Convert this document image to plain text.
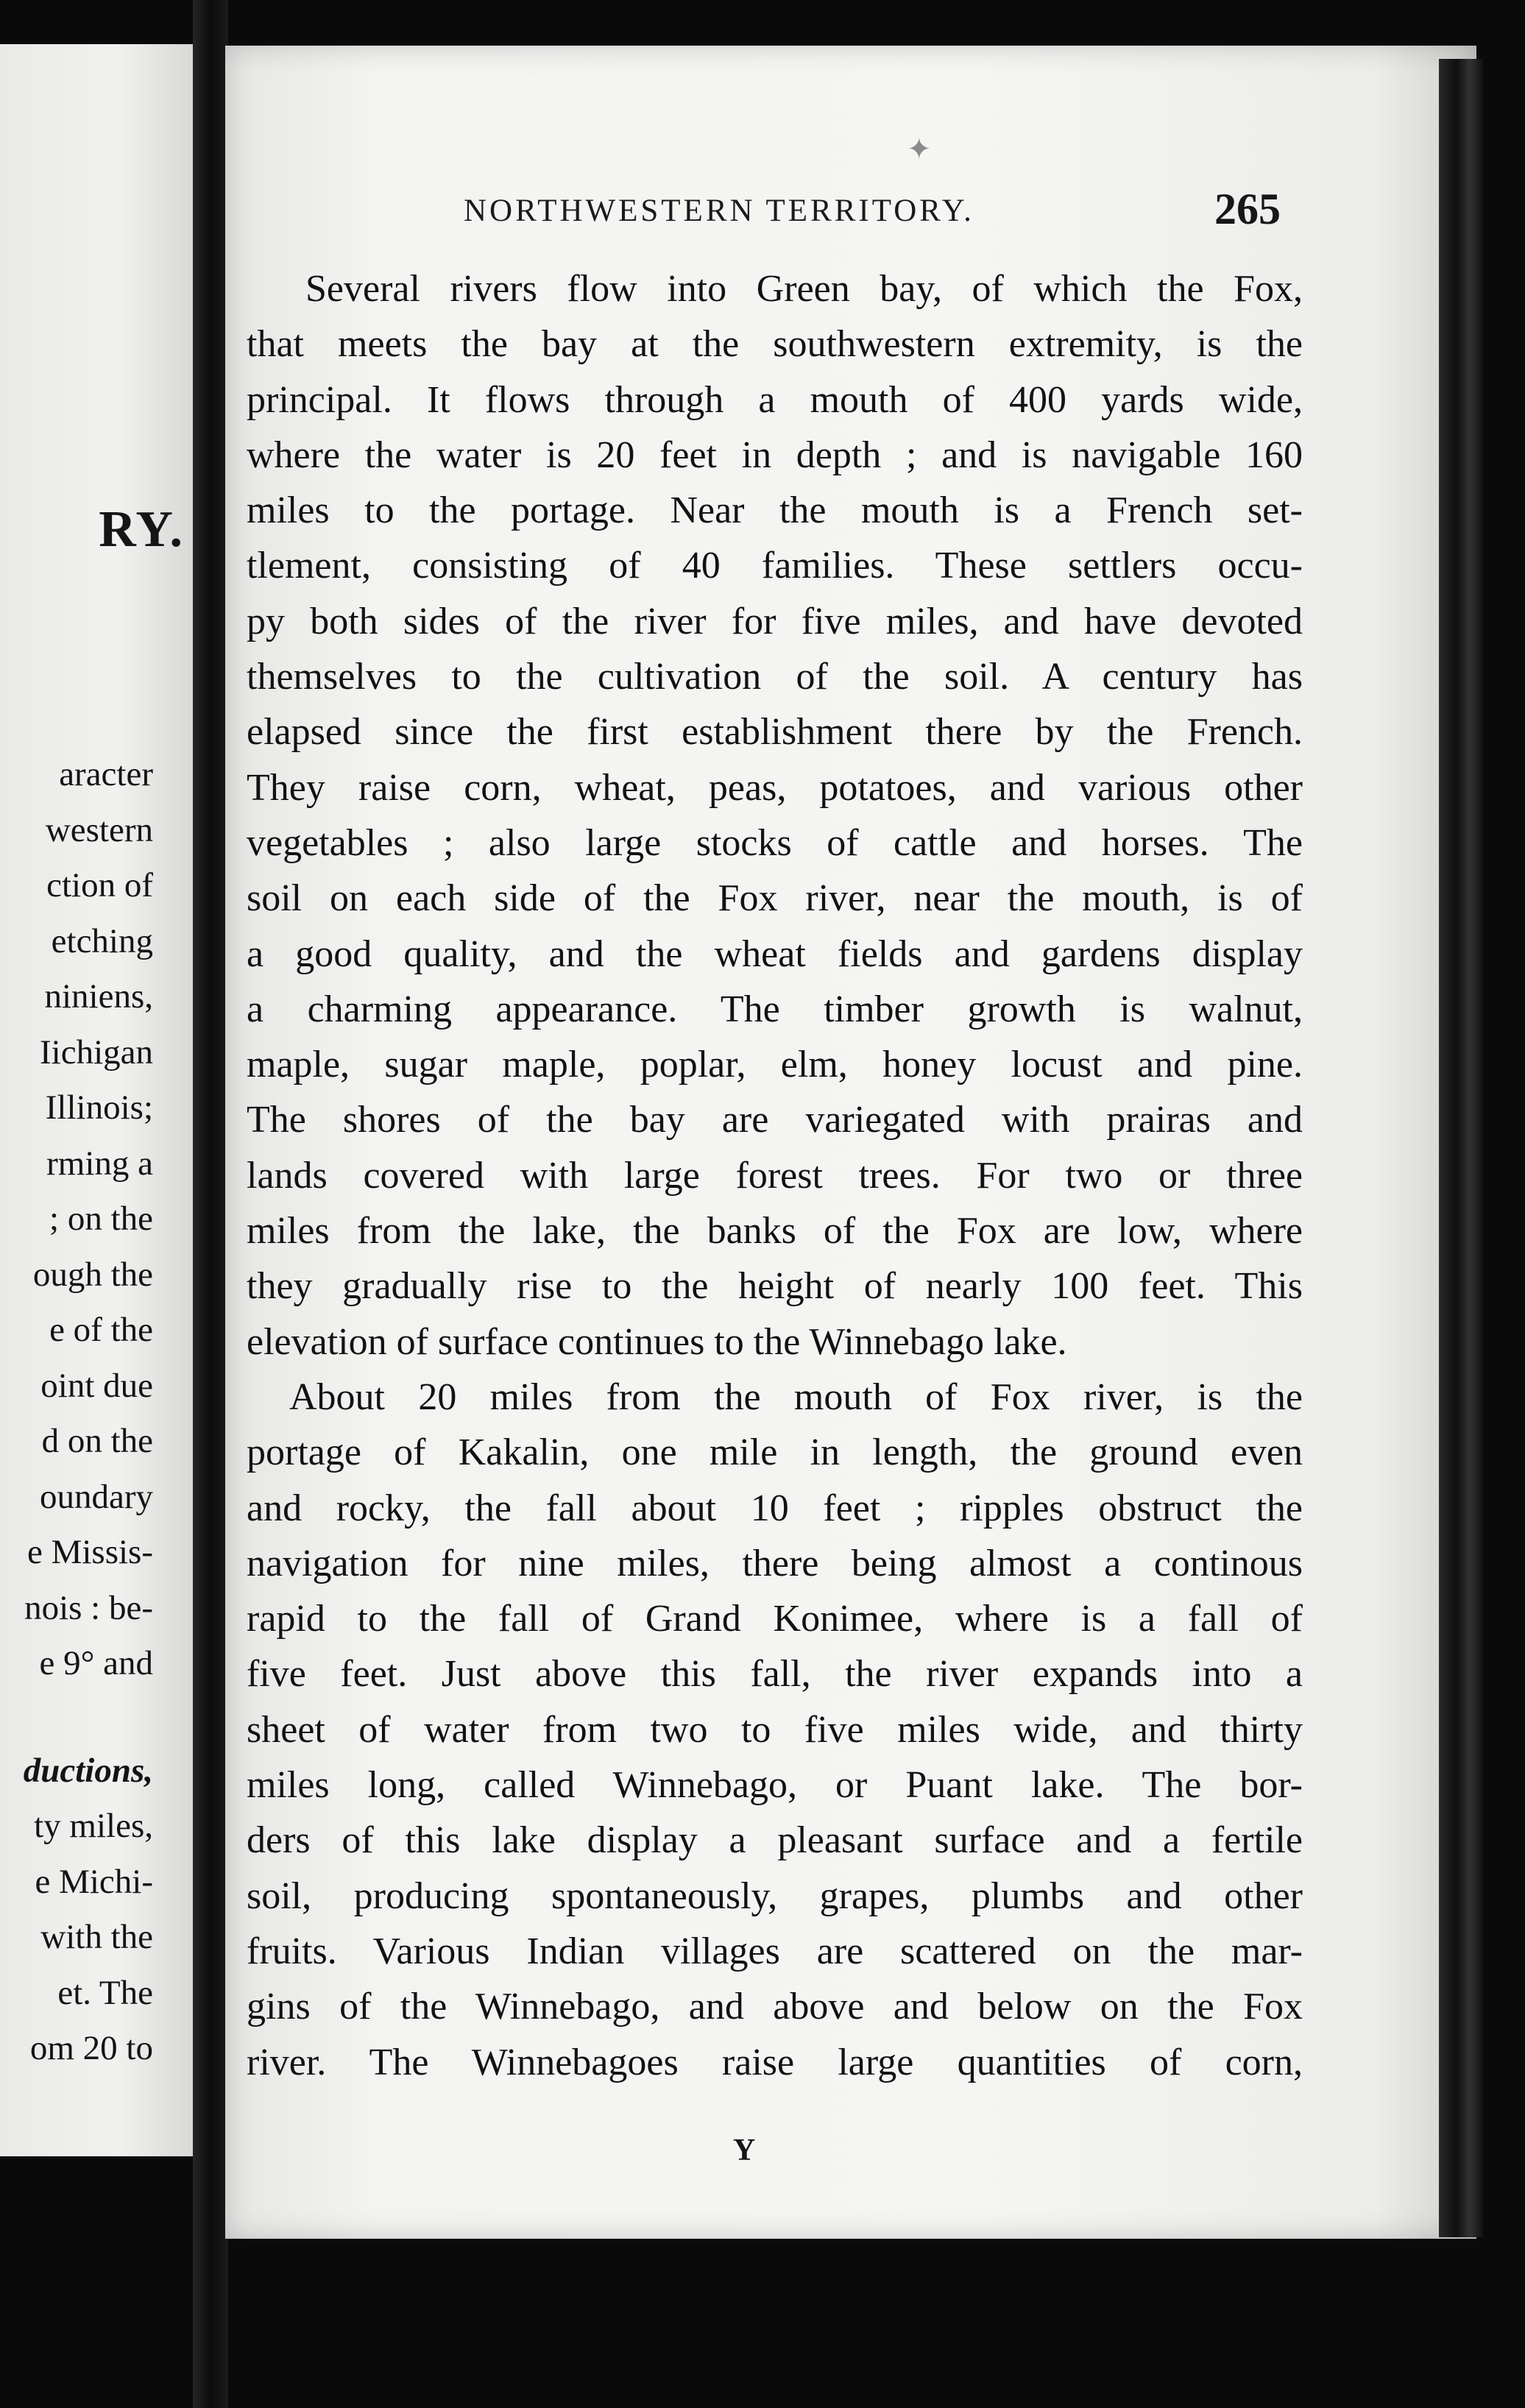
RY.
aracter
western
ction of
etching
niniens,
Iichigan
Illinois;
rming a
; on the
ough the
e of the
oint due
d on the
oundary
e Missis-
nois : be-
e 9° and
ductions,
ty miles,
e Michi-
with the
et. The
om 20 to
✦
NORTHWESTERN TERRITORY.	265
Several rivers flow into Green bay, of which the Fox,
that meets the bay at the southwestern extremity, is the
principal. It flows through a mouth of 400 yards wide,
where the water is 20 feet in depth ; and is navigable 160
miles to the portage. Near the mouth is a French set-
tlement, consisting of 40 families. These settlers occu-
py both sides of the river for five miles, and have devoted
themselves to the cultivation of the soil. A century has
elapsed since the first establishment there by the French.
They raise corn, wheat, peas, potatoes, and various other
vegetables ; also large stocks of cattle and horses. The
soil on each side of the Fox river, near the mouth, is of
a good quality, and the wheat fields and gardens display
a charming appearance. The timber growth is walnut,
maple, sugar maple, poplar, elm, honey locust and pine.
The shores of the bay are variegated with prairas and
lands covered with large forest trees. For two or three
miles from the lake, the banks of the Fox are low, where
they gradually rise to the height of nearly 100 feet. This
elevation of surface continues to the Winnebago lake.
About 20 miles from the mouth of Fox river, is the
portage of Kakalin, one mile in length, the ground even
and rocky, the fall about 10 feet ; ripples obstruct the
navigation for nine miles, there being almost a continous
rapid to the fall of Grand Konimee, where is a fall of
five feet. Just above this fall, the river expands into a
sheet of water from two to five miles wide, and thirty
miles long, called Winnebago, or Puant lake. The bor-
ders of this lake display a pleasant surface and a fertile
soil, producing spontaneously, grapes, plumbs and other
fruits. Various Indian villages are scattered on the mar-
gins of the Winnebago, and above and below on the Fox
river. The Winnebagoes raise large quantities of corn,
Y
